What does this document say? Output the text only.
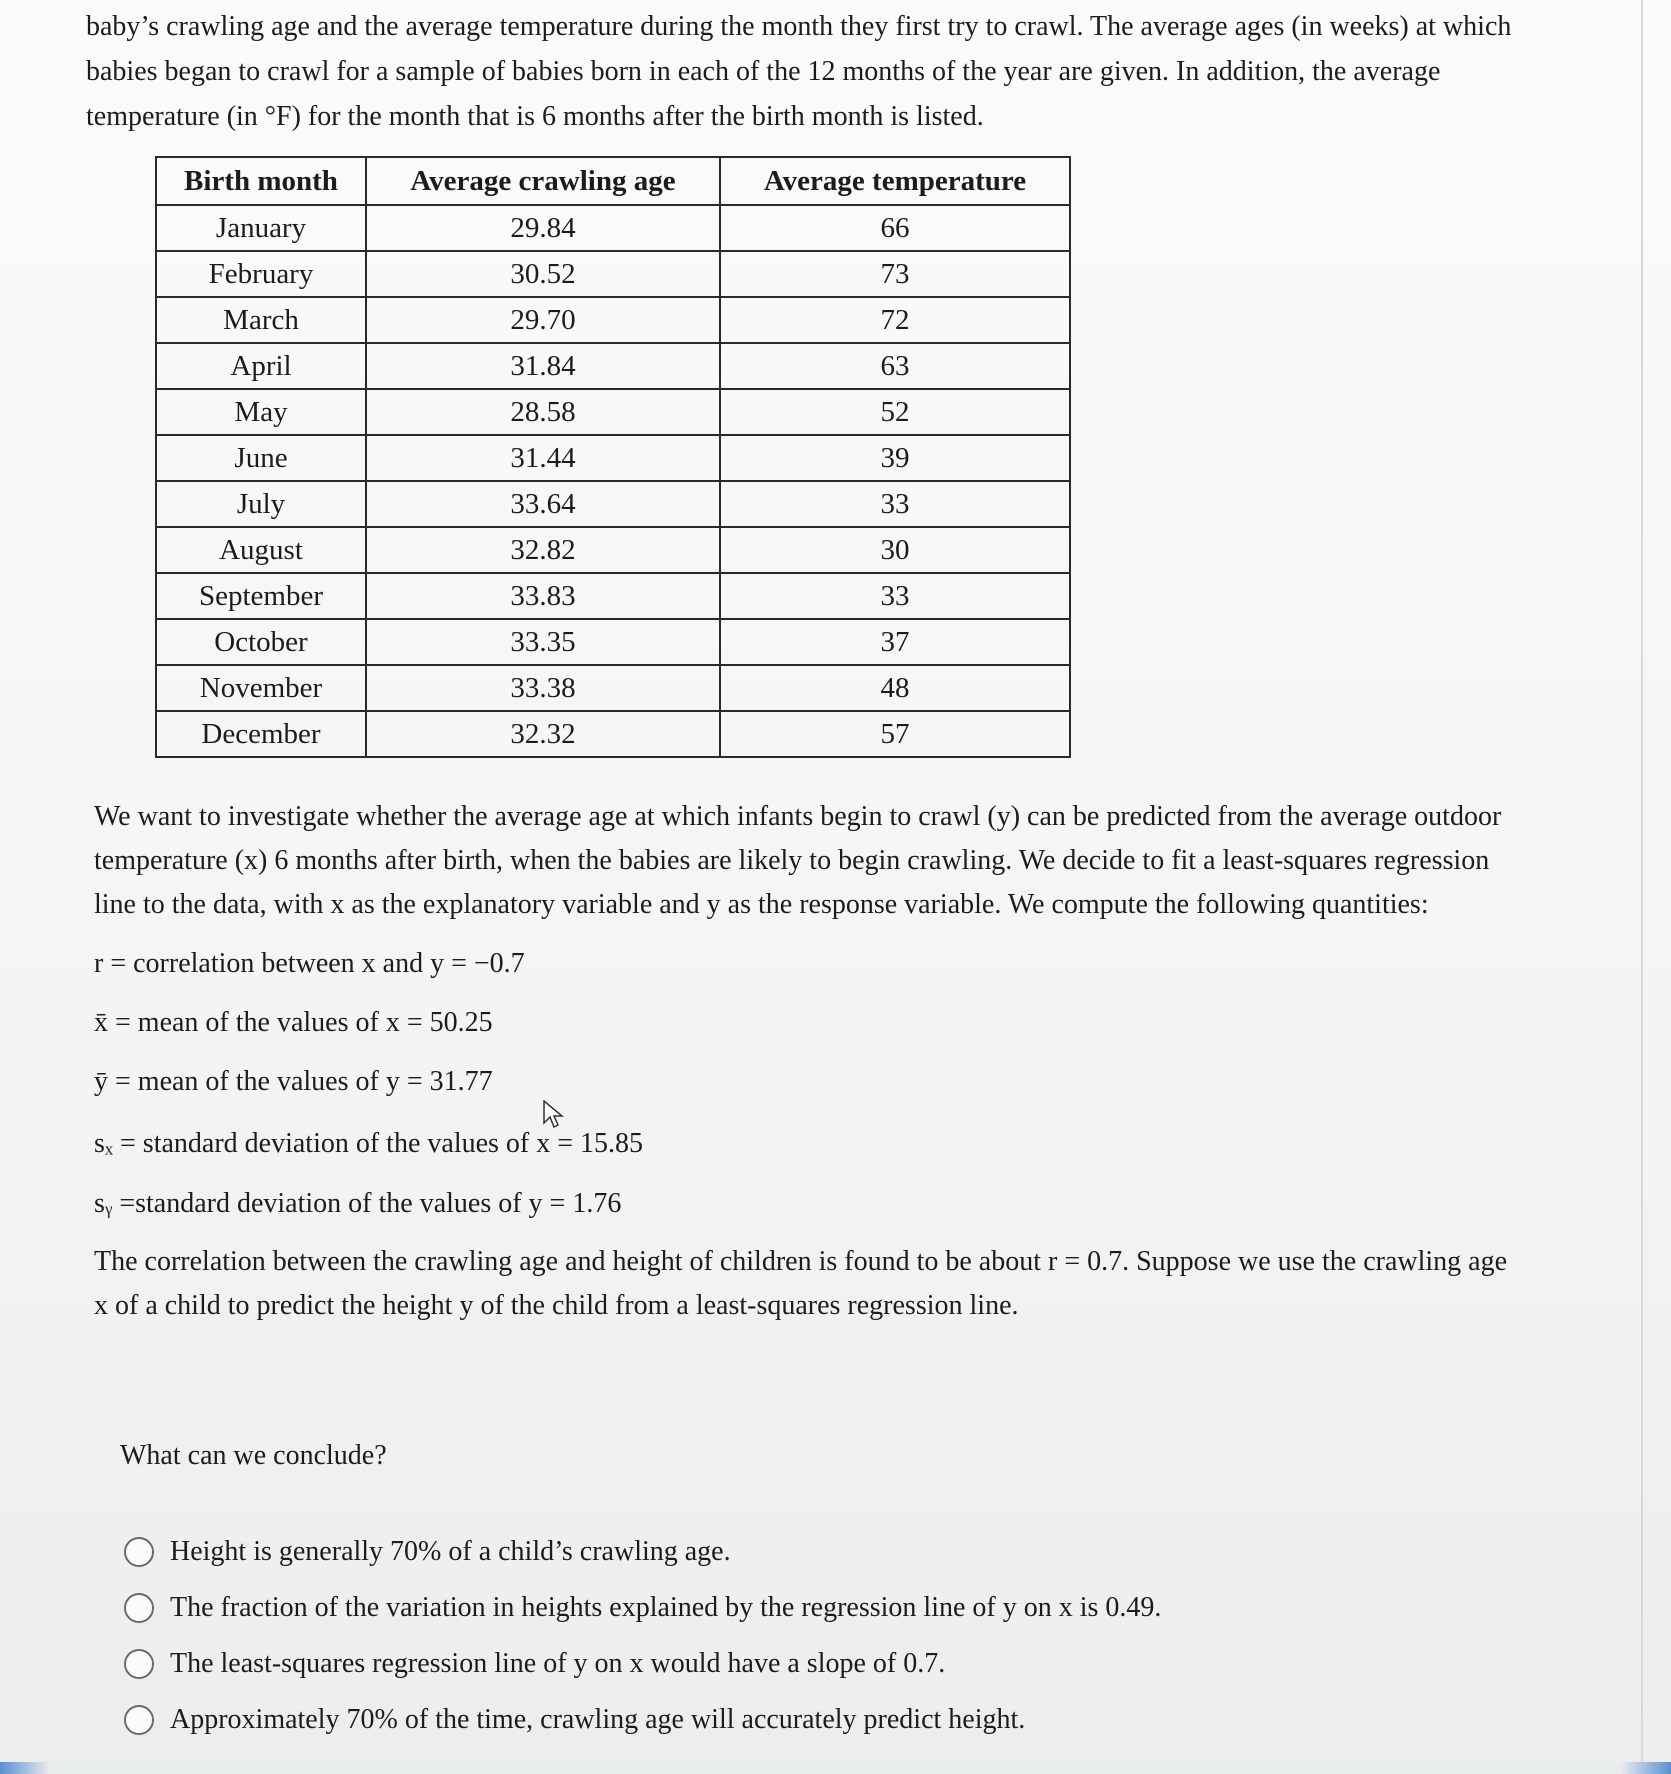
baby’s crawling age and the average temperature during the month they first try to crawl. The average ages (in weeks) at which
babies began to crawl for a sample of babies born in each of the 12 months of the year are given. In addition, the average
temperature (in °F) for the month that is 6 months after the birth month is listed.
Birth month	Average crawling age	Average temperature
January	29.84	66
February	30.52	73
March	29.70	72
April	31.84	63
May	28.58	52
June	31.44	39
July	33.64	33
August	32.82	30
September	33.83	33
October	33.35	37
November	33.38	48
December	32.32	57
We want to investigate whether the average age at which infants begin to crawl (y) can be predicted from the average outdoor
temperature (x) 6 months after birth, when the babies are likely to begin crawling. We decide to fit a least-squares regression
line to the data, with x as the explanatory variable and y as the response variable. We compute the following quantities:
r = correlation between x and y = −0.7
x̄ = mean of the values of x = 50.25
ȳ = mean of the values of y = 31.77
sₓ = standard deviation of the values of x = 15.85
sᵧ =standard deviation of the values of y = 1.76
The correlation between the crawling age and height of children is found to be about r = 0.7. Suppose we use the crawling age
x of a child to predict the height y of the child from a least-squares regression line.
What can we conclude?
Height is generally 70% of a child’s crawling age.
The fraction of the variation in heights explained by the regression line of y on x is 0.49.
The least-squares regression line of y on x would have a slope of 0.7.
Approximately 70% of the time, crawling age will accurately predict height.
